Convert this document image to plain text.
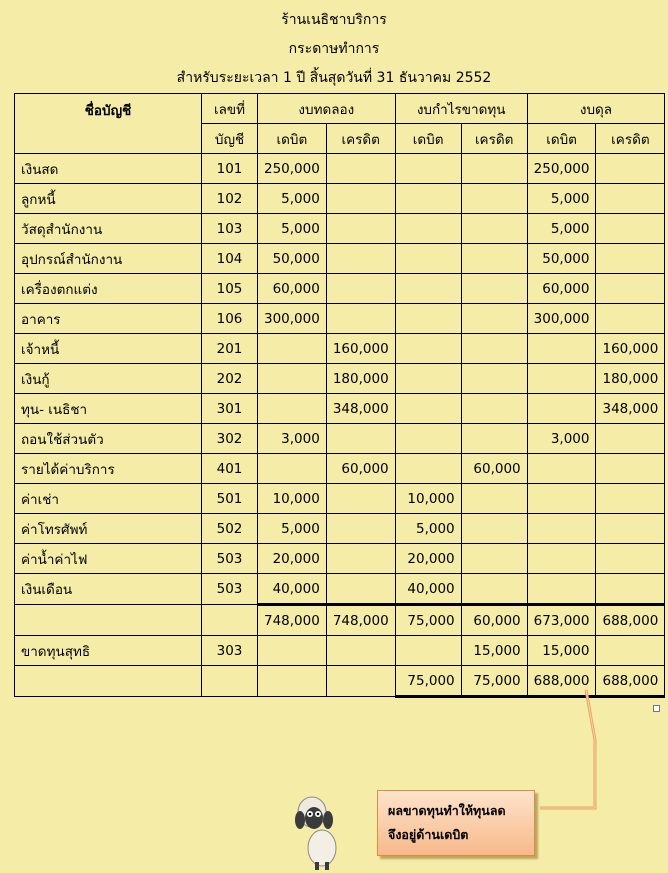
ร้านเนธิชาบริการ
กระดาษทำการ
สำหรับระยะเวลา 1 ปี สิ้นสุดวันที่ 31 ธันวาคม 2552
ชื่อบัญชี	เลขที่	งบทดลอง		งบกำไรขาดทุน		งบดุล	
	บัญชี	เดบิต	เครดิต	เดบิต	เครดิต	เดบิต	เครดิต
เงินสด	101	250,000				250,000	
ลูกหนี้	102	5,000				5,000	
วัสดุสำนักงาน	103	5,000				5,000	
อุปกรณ์สำนักงาน	104	50,000				50,000	
เครื่องตกแต่ง	105	60,000				60,000	
อาคาร	106	300,000				300,000	
เจ้าหนี้	201		160,000				160,000
เงินกู้	202		180,000				180,000
ทุน- เนธิชา	301		348,000				348,000
ถอนใช้ส่วนตัว	302	3,000				3,000	
รายได้ค่าบริการ	401		60,000		60,000		
ค่าเช่า	501	10,000		10,000			
ค่าโทรศัพท์	502	5,000		5,000			
ค่าน้ำค่าไฟ	503	20,000		20,000			
เงินเดือน	503	40,000		40,000			
		748,000	748,000	75,000	60,000	673,000	688,000
ขาดทุนสุทธิ	303				15,000	15,000	
				75,000	75,000	688,000	688,000
ผลขาดทุนทำให้ทุนลด
จึงอยู่ด้านเดบิต
